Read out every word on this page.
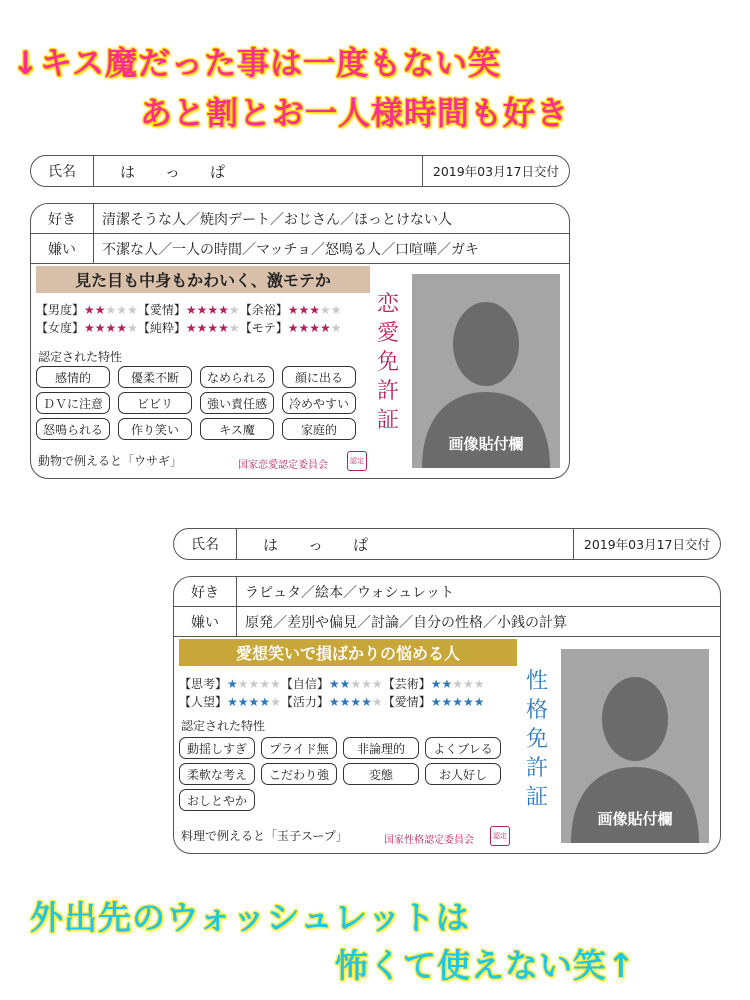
↓キス魔だった事は一度もない笑
あと割とお一人様時間も好き
氏名	は　　っ　　ぱ	2019年03月17日交付
好き	清潔そうな人／焼肉デート／おじさん／ほっとけない人
嫌い	不潔な人／一人の時間／マッチョ／怒鳴る人／口喧嘩／ガキ
見た目も中身もかわいく、激モテか
【男度】★★★★★【愛情】★★★★★【余裕】★★★★★
【女度】★★★★★【純粋】★★★★★【モテ】★★★★★
認定された特性
感情的	優柔不断	なめられる	顔に出る
ＤＶに注意	ビビリ	強い責任感	冷めやすい
怒鳴られる	作り笑い	キス魔	家庭的
動物で例えると「ウサギ」	国家恋愛認定委員会	認定
恋
愛
免
許
証
画像貼付欄
氏名	は　　っ　　ぱ	2019年03月17日交付
好き	ラピュタ／絵本／ウォシュレット
嫌い	原発／差別や偏見／討論／自分の性格／小銭の計算
愛想笑いで損ばかりの悩める人
【思考】★★★★★【自信】★★★★★【芸術】★★★★★
【人望】★★★★★【活力】★★★★★【愛情】★★★★★
認定された特性
動揺しすぎ	プライド無	非論理的	よくブレる
柔軟な考え	こだわり強	変態	お人好し
おしとやか
料理で例えると「玉子スープ」	国家性格認定委員会	認定
性
格
免
許
証
画像貼付欄
外出先のウォッシュレットは
怖くて使えない笑↑
